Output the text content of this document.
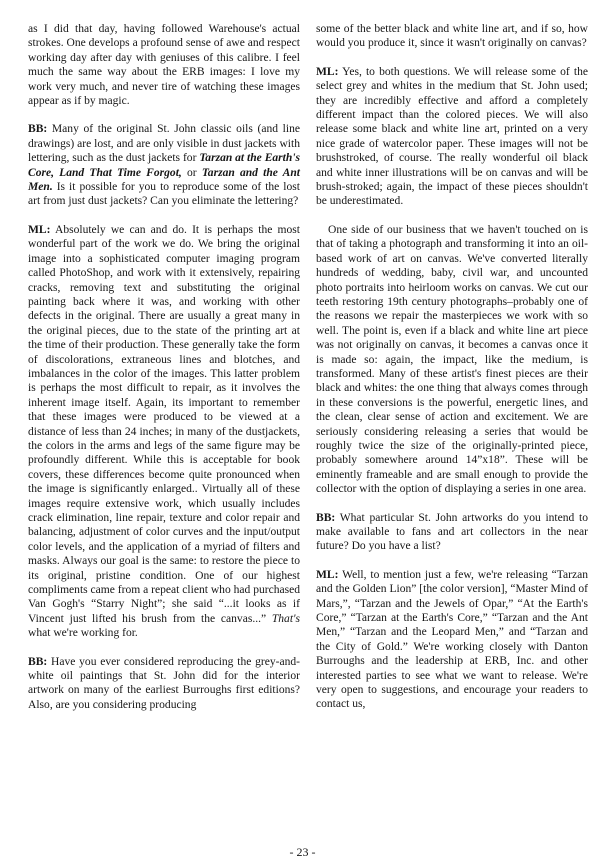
as I did that day, having followed Warehouse's actual strokes. One develops a profound sense of awe and respect working day after day with geniuses of this calibre. I feel much the same way about the ERB images: I love my work very much, and never tire of watching these images appear as if by magic.

BB: Many of the original St. John classic oils (and line drawings) are lost, and are only visible in dust jackets with lettering, such as the dust jackets for Tarzan at the Earth's Core, Land That Time Forgot, or Tarzan and the Ant Men. Is it possible for you to reproduce some of the lost art from just dust jackets? Can you eliminate the lettering?

ML: Absolutely we can and do. It is perhaps the most wonderful part of the work we do. We bring the original image into a sophisticated computer imaging program called PhotoShop, and work with it extensively, repairing cracks, removing text and substituting the original painting back where it was, and working with other defects in the original. There are usually a great many in the original pieces, due to the state of the printing art at the time of their production. These generally take the form of discolorations, extraneous lines and blotches, and imbalances in the color of the images. This latter problem is perhaps the most difficult to repair, as it involves the inherent image itself. Again, its important to remember that these images were produced to be viewed at a distance of less than 24 inches; in many of the dustjackets, the colors in the arms and legs of the same figure may be profoundly different. While this is acceptable for book covers, these differences become quite pronounced when the image is significantly enlarged.. Virtually all of these images require extensive work, which usually includes crack elimination, line repair, texture and color repair and balancing, adjustment of color curves and the input/output color levels, and the application of a myriad of filters and masks. Always our goal is the same: to restore the piece to its original, pristine condition. One of our highest compliments came from a repeat client who had purchased Van Gogh's “Starry Night”; she said “...it looks as if Vincent just lifted his brush from the canvas...” That's what we're working for.

BB: Have you ever considered reproducing the grey-and-white oil paintings that St. John did for the interior artwork on many of the earliest Burroughs first editions? Also, are you considering producing

some of the better black and white line art, and if so, how would you produce it, since it wasn't originally on canvas?

ML: Yes, to both questions. We will release some of the select grey and whites in the medium that St. John used; they are incredibly effective and afford a completely different impact than the colored pieces. We will also release some black and white line art, printed on a very nice grade of watercolor paper. These images will not be brushstroked, of course. The really wonderful oil black and white inner illustrations will be on canvas and will be brush-stroked; again, the impact of these pieces shouldn't be underestimated.

One side of our business that we haven't touched on is that of taking a photograph and transforming it into an oil-based work of art on canvas. We've converted literally hundreds of wedding, baby, civil war, and uncounted photo portraits into heirloom works on canvas. We cut our teeth restoring 19th century photographs–probably one of the reasons we repair the masterpieces we work with so well. The point is, even if a black and white line art piece was not originally on canvas, it becomes a canvas once it is made so: again, the impact, like the medium, is transformed. Many of these artist's finest pieces are their black and whites: the one thing that always comes through in these conversions is the powerful, energetic lines, and the clean, clear sense of action and excitement. We are seriously considering releasing a series that would be roughly twice the size of the originally-printed piece, probably somewhere around 14”x18”. These will be eminently frameable and are small enough to provide the collector with the option of displaying a series in one area.

BB: What particular St. John artworks do you intend to make available to fans and art collectors in the near future? Do you have a list?

ML: Well, to mention just a few, we're releasing “Tarzan and the Golden Lion” [the color version], “Master Mind of Mars,”, “Tarzan and the Jewels of Opar,” “At the Earth's Core,” “Tarzan at the Earth's Core,” “Tarzan and the Ant Men,” “Tarzan and the Leopard Men,” and “Tarzan and the City of Gold.” We're working closely with Danton Burroughs and the leadership at ERB, Inc. and other interested parties to see what we want to release. We're very open to suggestions, and encourage your readers to contact us,

- 23 -
